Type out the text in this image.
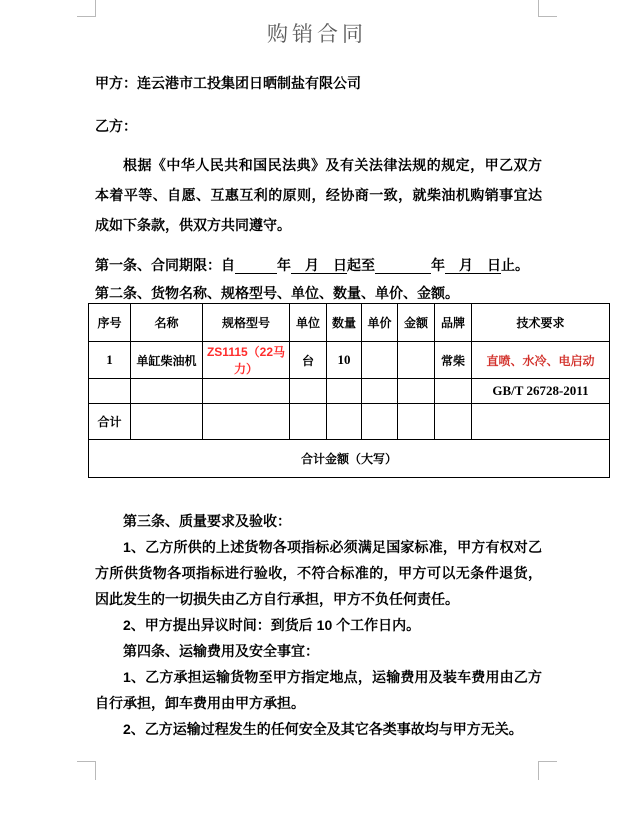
购销合同
甲方：连云港市工投集团日晒制盐有限公司
乙方：

根据《中华人民共和国民法典》及有关法律法规的规定，甲乙双方本着平等、自愿、互惠互利的原则，经协商一致，就柴油机购销事宜达成如下条款，供双方共同遵守。

第一条、合同期限：自　　　	年　月　日起至　　　　	年　月　日止。
第二条、货物名称、规格型号、单位、数量、单价、金额。
序号	名称	规格型号	单位	数量	单价	金额	品牌	技术要求
1	单缸柴油机	ZS1115（22马力）	台	10			常柴	直喷、水冷、电启动
								GB/T 26728-2011
合计								
合计金额（大写）								

第三条、质量要求及验收：

1、乙方所供的上述货物各项指标必须满足国家标准，甲方有权对乙方所供货物各项指标进行验收，不符合标准的，甲方可以无条件退货，因此发生的一切损失由乙方自行承担，甲方不负任何责任。

2、甲方提出异议时间：到货后 10 个工作日内。

第四条、运输费用及安全事宜：

1、乙方承担运输货物至甲方指定地点，运输费用及装车费用由乙方自行承担，卸车费用由甲方承担。

2、乙方运输过程发生的任何安全及其它各类事故均与甲方无关。
